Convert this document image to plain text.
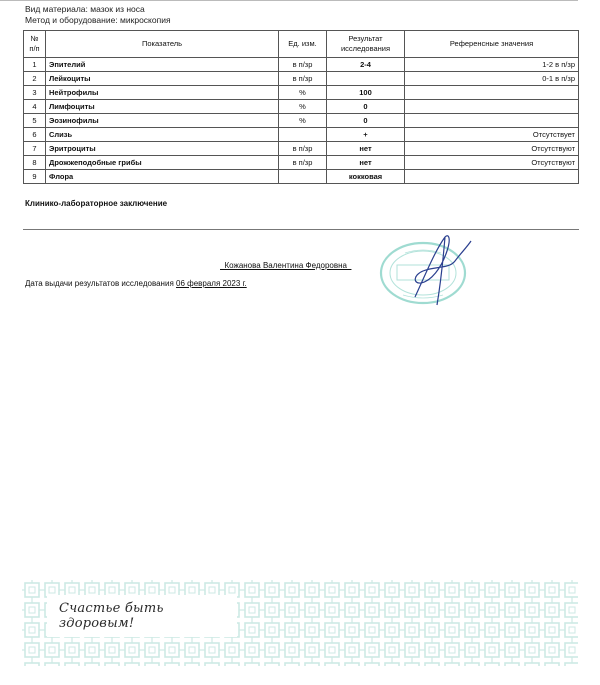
Вид материала: мазок из носа
Метод и оборудование: микроскопия
№ п/п	Показатель	Ед. изм.	Результат исследования	Референсные значения
1	Эпителий	в п/зр	2-4	1-2 в п/зр
2	Лейкоциты	в п/зр		0-1 в п/зр
3	Нейтрофилы	%	100	
4	Лимфоциты	%	0	
5	Эозинофилы	%	0	
6	Слизь		+	Отсутствует
7	Эритроциты	в п/зр	нет	Отсутствуют
8	Дрожжеподобные грибы	в п/зр	нет	Отсутствуют
9	Флора		кокковая	
Клинико-лабораторное заключение
Кожанова Валентина Федоровна
Дата выдачи результатов исследования 06 февраля 2023 г.
Счастье быть здоровым!
